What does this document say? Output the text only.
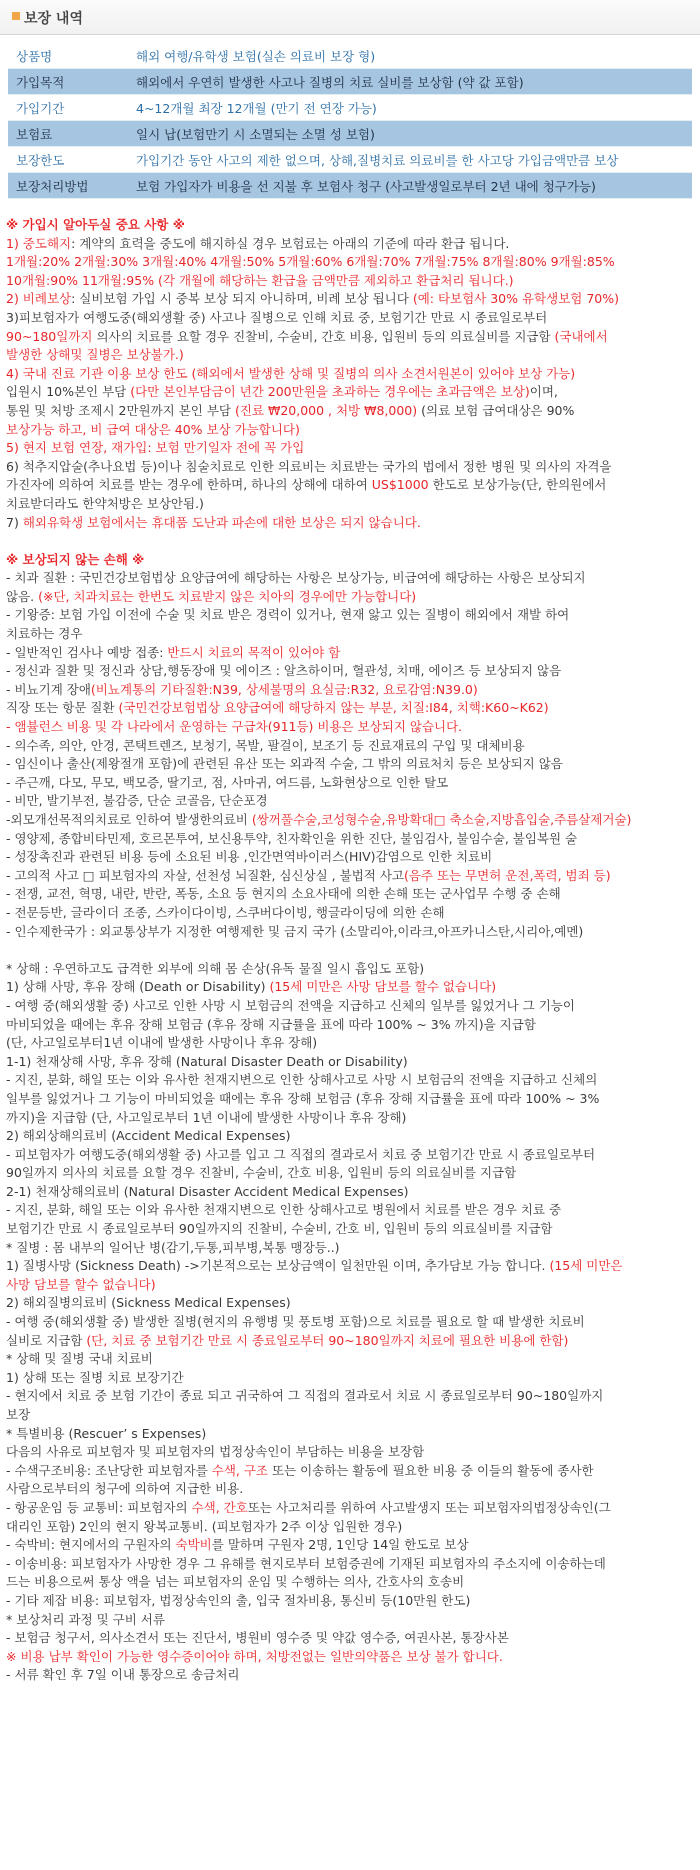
보장 내역
상품명	해외 여행/유학생 보험(실손 의료비 보장 형)
가입목적	해외에서 우연히 발생한 사고나 질병의 치료 실비를 보상함 (약 값 포함)
가입기간	4~12개월 최장 12개월 (만기 전 연장 가능)
보험료	일시 납(보험만기 시 소멸되는 소멸 성 보험)
보장한도	가입기간 동안 사고의 제한 없으며, 상해,질병치료 의료비를 한 사고당 가입금액만큼 보상
보장처리방법	보험 가입자가 비용을 선 지불 후 보험사 청구 (사고발생일로부터 2년 내에 청구가능)
※ 가입시 알아두실 중요 사항 ※
1) 중도해지: 계약의 효력을 중도에 해지하실 경우 보험료는 아래의 기준에 따라 환급 됩니다.
1개월:20% 2개월:30% 3개월:40% 4개월:50% 5개월:60% 6개월:70% 7개월:75% 8개월:80% 9개월:85%
10개월:90% 11개월:95% (각 개월에 해당하는 환급율 금액만큼 제외하고 환급처리 됩니다.)
2) 비례보상: 실비보험 가입 시 중복 보상 되지 아니하며, 비례 보상 됩니다 (예: 타보험사 30% 유학생보험 70%)
3)피보험자가 여행도중(해외생활 중) 사고나 질병으로 인해 치료 중, 보험기간 만료 시 종료일로부터
90~180일까지 의사의 치료를 요할 경우 진찰비, 수술비, 간호 비용, 입원비 등의 의료실비를 지급함 (국내에서
발생한 상해및 질병은 보상불가.)
4) 국내 진료 기관 이용 보상 한도 (해외에서 발생한 상해 및 질병의 의사 소견서원본이 있어야 보상 가능)
입원시 10%본인 부담 (다만 본인부담금이 년간 200만원을 초과하는 경우에는 초과금액은 보상)이며,
통원 및 처방 조제시 2만원까지 본인 부담 (진료 ₩20,000 , 처방 ₩8,000) (의료 보험 급여대상은 90%
보상가능 하고, 비 급여 대상은 40% 보상 가능합니다)
5) 현지 보험 연장, 재가입: 보험 만기일자 전에 꼭 가입
6) 척추지압술(추나요법 등)이나 침술치료로 인한 의료비는 치료받는 국가의 법에서 정한 병원 및 의사의 자격을
가진자에 의하여 치료를 받는 경우에 한하며, 하나의 상해에 대하여 US$1000 한도로 보상가능(단, 한의원에서
치료받더라도 한약처방은 보상안됨.)
7) 해외유학생 보험에서는 휴대품 도난과 파손에 대한 보상은 되지 않습니다.
※ 보상되지 않는 손해 ※
- 치과 질환 : 국민건강보험법상 요양급여에 해당하는 사항은 보상가능, 비급여에 해당하는 사항은 보상되지
않음. (※단, 치과치료는 한번도 치료받지 않은 치아의 경우에만 가능합니다)
- 기왕증: 보험 가입 이전에 수술 및 치료 받은 경력이 있거나, 현재 앓고 있는 질병이 해외에서 재발 하여
치료하는 경우
- 일반적인 검사나 예방 접종: 반드시 치료의 목적이 있어야 함
- 정신과 질환 및 정신과 상담,행동장애 및 에이즈 : 알츠하이머, 혈관성, 치매, 에이즈 등 보상되지 않음
- 비뇨기계 장애(비뇨계통의 기타질환:N39, 상세불명의 요실금:R32, 요로감염:N39.0)
직장 또는 항문 질환 (국민건강보험법상 요양급여에 해당하지 않는 부분, 치질:I84, 치핵:K60~K62)
- 앰뷸런스 비용 및 각 나라에서 운영하는 구급차(911등) 비용은 보상되지 않습니다.
- 의수족, 의안, 안경, 콘택트렌즈, 보청기, 목발, 팔걸이, 보조기 등 진료재료의 구입 및 대체비용
- 임신이나 출산(제왕절개 포함)에 관련된 유산 또는 외과적 수술, 그 밖의 의료처치 등은 보상되지 않음
- 주근깨, 다모, 무모, 백모증, 딸기코, 점, 사마귀, 여드름, 노화현상으로 인한 탈모
- 비만, 발기부전, 불감증, 단순 코골음, 단순포경
-외모개선목적의치료로 인하여 발생한의료비 (쌍꺼풀수술,코성형수술,유방확대□ 축소술,지방흡입술,주름살제거술)
- 영양제, 종합비타민제, 호르몬투여, 보신용투약, 친자확인을 위한 진단, 불임검사, 불임수술, 불임복원 술
- 성장촉진과 관련된 비용 등에 소요된 비용 ,인간면역바이러스(HIV)감염으로 인한 치료비
- 고의적 사고 □ 피보험자의 자살, 선천성 뇌질환, 심신상실 , 불법적 사고(음주 또는 무면허 운전,폭력, 범죄 등)
- 전쟁, 교전, 혁명, 내란, 반란, 폭동, 소요 등 현지의 소요사태에 의한 손해 또는 군사업무 수행 중 손해
- 전문등반, 글라이더 조종, 스카이다이빙, 스쿠버다이빙, 행글라이딩에 의한 손해
- 인수제한국가 : 외교통상부가 지정한 여행제한 및 금지 국가 (소말리아,이라크,아프카니스탄,시리아,예멘)
* 상해 : 우연하고도 급격한 외부에 의해 몸 손상(유독 물질 일시 흡입도 포함)
1) 상해 사망, 후유 장해 (Death or Disability) (15세 미만은 사망 담보를 할수 없습니다)
- 여행 중(해외생활 중) 사고로 인한 사망 시 보험금의 전액을 지급하고 신체의 일부를 잃었거나 그 기능이
마비되었을 때에는 후유 장해 보험금 (후유 장해 지급률을 표에 따라 100% ~ 3% 까지)을 지급함
(단, 사고일로부터1년 이내에 발생한 사망이나 후유 장해)
1-1) 천재상해 사망, 후유 장해 (Natural Disaster Death or Disability)
- 지진, 분화, 해일 또는 이와 유사한 천재지변으로 인한 상해사고로 사망 시 보험금의 전액을 지급하고 신체의
일부를 잃었거나 그 기능이 마비되었을 때에는 후유 장해 보험금 (후유 장해 지급률을 표에 따라 100% ~ 3%
까지)을 지급함 (단, 사고일로부터 1년 이내에 발생한 사망이나 후유 장해)
2) 해외상해의료비 (Accident Medical Expenses)
- 피보험자가 여행도중(해외생활 중) 사고를 입고 그 직접의 결과로서 치료 중 보험기간 만료 시 종료일로부터
90일까지 의사의 치료를 요할 경우 진찰비, 수술비, 간호 비용, 입원비 등의 의료실비를 지급함
2-1) 천재상해의료비 (Natural Disaster Accident Medical Expenses)
- 지진, 분화, 해일 또는 이와 유사한 천재지변으로 인한 상해사고로 병원에서 치료를 받은 경우 치료 중
보험기간 만료 시 종료일로부터 90일까지의 진찰비, 수술비, 간호 비, 입원비 등의 의료실비를 지급함
* 질병 : 몸 내부의 일어난 병(감기,두통,피부병,복통 맹장등..)
1) 질병사망 (Sickness Death) ->기본적으로는 보상금액이 일천만원 이며, 추가담보 가능 합니다. (15세 미만은
사망 담보를 할수 없습니다)
2) 해외질병의료비 (Sickness Medical Expenses)
- 여행 중(해외생활 중) 발생한 질병(현지의 유행병 및 풍토병 포함)으로 치료를 필요로 할 때 발생한 치료비
실비로 지급함 (단, 치료 중 보험기간 만료 시 종료일로부터 90~180일까지 치료에 필요한 비용에 한함)
* 상해 및 질병 국내 치료비
1) 상해 또는 질병 치료 보장기간
- 현지에서 치료 중 보험 기간이 종료 되고 귀국하여 그 직접의 결과로서 치료 시 종료일로부터 90~180일까지
보장
* 특별비용 (Rescuer’ s Expenses)
다음의 사유로 피보험자 및 피보험자의 법정상속인이 부담하는 비용을 보장함
- 수색구조비용: 조난당한 피보험자를 수색, 구조 또는 이송하는 활동에 필요한 비용 중 이들의 활동에 종사한
사람으로부터의 청구에 의하여 지급한 비용.
- 항공운임 등 교통비: 피보험자의 수색, 간호또는 사고처리를 위하여 사고발생지 또는 피보험자의법정상속인(그
대리인 포함) 2인의 현지 왕복교통비. (피보험자가 2주 이상 입원한 경우)
- 숙박비: 현지에서의 구원자의 숙박비를 말하며 구원자 2명, 1인당 14일 한도로 보상
- 이송비용: 피보험자가 사망한 경우 그 유해를 현지로부터 보험증권에 기재된 피보험자의 주소지에 이송하는데
드는 비용으로써 통상 액을 넘는 피보험자의 운임 및 수행하는 의사, 간호사의 호송비
- 기타 제잡 비용: 피보험자, 법정상속인의 출, 입국 절차비용, 통신비 등(10만원 한도)
* 보상처리 과정 및 구비 서류
- 보험금 청구서, 의사소견서 또는 진단서, 병원비 영수증 및 약값 영수증, 여권사본, 통장사본
※ 비용 납부 확인이 가능한 영수증이어야 하며, 처방전없는 일반의약품은 보상 불가 합니다.
- 서류 확인 후 7일 이내 통장으로 송금처리
